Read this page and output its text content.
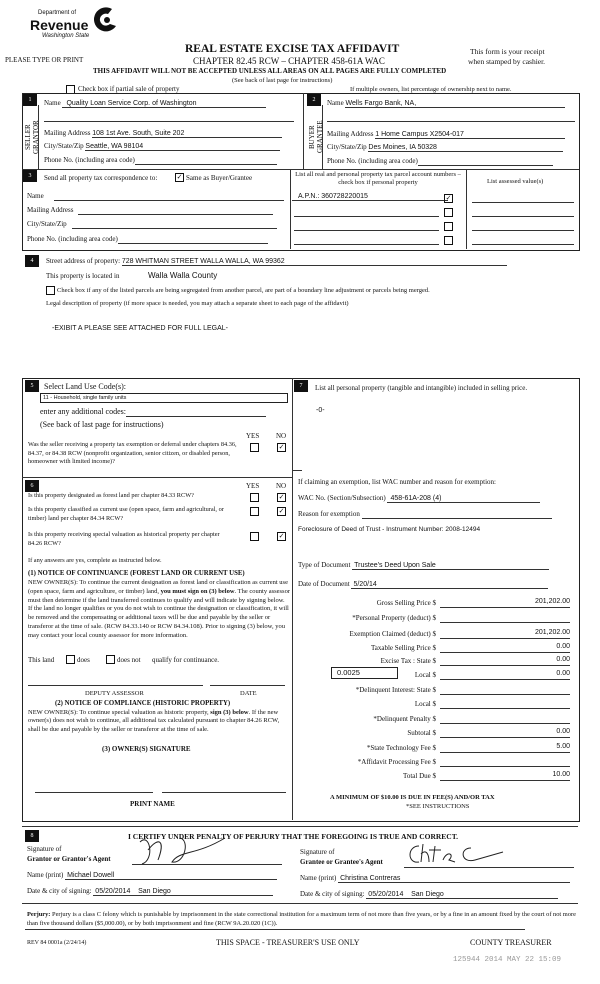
Department of
Revenue
Washington State
PLEASE TYPE OR PRINT
REAL ESTATE EXCISE TAX AFFIDAVIT
CHAPTER 82.45 RCW – CHAPTER 458-61A WAC
THIS AFFIDAVIT WILL NOT BE ACCEPTED UNLESS ALL AREAS ON ALL PAGES ARE FULLY COMPLETED
(See back of last page for instructions)
This form is your receipt
when stamped by cashier.
Check box if partial sale of property	If multiple owners, list percentage of ownership next to name.
1
SELLER GRANTOR
Name Quality Loan Service Corp. of Washington
Mailing Address 108 1st Ave. South, Suite 202
City/State/Zip Seattle, WA 98104
Phone No. (including area code)
2
BUYER GRANTEE
Name Wells Fargo Bank, NA,
Mailing Address 1 Home Campus X2504-017
City/State/Zip Des Moines, IA 50328
Phone No. (including area code)
3	Send all property tax correspondence to:	✓ Same as Buyer/Grantee
Name
Mailing Address
City/State/Zip
Phone No. (including area code)
List all real and personal property tax parcel account numbers – check box if personal property	List assessed value(s)
A.P.N.: 360728220015	✓
4	Street address of property: 728 WHITMAN STREET WALLA WALLA, WA 99362
This property is located in	Walla Walla County
Check box if any of the listed parcels are being segregated from another parcel, are part of a boundary line adjustment or parcels being merged.
Legal description of property (if more space is needed, you may attach a separate sheet to each page of the affidavit)
-EXIBIT A PLEASE SEE ATTACHED FOR FULL LEGAL-
5	Select Land Use Code(s):
11 - Household, single family units
enter any additional codes:
(See back of last page for instructions)
YES NO
Was the seller receiving a property tax exemption or deferral under chapters 84.36, 84.37, or 84.38 RCW (nonprofit organization, senior citizen, or disabled person, homeowner with limited income)?
✓
6	YES NO
Is this property designated as forest land per chapter 84.33 RCW?	✓
Is this property classified as current use (open space, farm and agricultural, or timber) land per chapter 84.34 RCW?
✓
Is this property receiving special valuation as historical property per chapter 84.26 RCW?
✓
If any answers are yes, complete as instructed below.
(1) NOTICE OF CONTINUANCE (FOREST LAND OR CURRENT USE)
NEW OWNER(S): To continue the current designation as forest land or classification as current use (open space, farm and agriculture, or timber) land, you must sign on (3) below. The county assessor must then determine if the land transferred continues to qualify and will indicate by signing below. If the land no longer qualifies or you do not wish to continue the designation or classification, it will be removed and the compensating or additional taxes will be due and payable by the seller or transferor at the time of sale. (RCW 84.33.140 or RCW 84.34.108). Prior to signing (3) below, you may contact your local county assessor for more information.
This land	does	does not qualify for continuance.
DEPUTY ASSESSOR	DATE
(2) NOTICE OF COMPLIANCE (HISTORIC PROPERTY)
NEW OWNER(S): To continue special valuation as historic property, sign (3) below. If the new owner(s) does not wish to continue, all additional tax calculated pursuant to chapter 84.26 RCW, shall be due and payable by the seller or transferor at the time of sale.
(3) OWNER(S) SIGNATURE
PRINT NAME
7	List all personal property (tangible and intangible) included in selling price.
-0-
If claiming an exemption, list WAC number and reason for exemption:
WAC No. (Section/Subsection) 458-61A-208 (4)
Reason for exemption
Foreclosure of Deed of Trust - Instrument Number: 2008-12494
Type of Document Trustee's Deed Upon Sale
Date of Document 5/20/14
Gross Selling Price $	201,202.00
*Personal Property (deduct) $
Exemption Claimed (deduct) $	201,202.00
Taxable Selling Price $	0.00
Excise Tax : State $	0.00
Local $	0.00
*Delinquent Interest: State $
Local $
*Delinquent Penalty $
Subtotal $	0.00
*State Technology Fee $	5.00
*Affidavit Processing Fee $
Total Due $	10.00
0.0025
A MINIMUM OF $10.00 IS DUE IN FEE(S) AND/OR TAX
*SEE INSTRUCTIONS
8	I CERTIFY UNDER PENALTY OF PERJURY THAT THE FOREGOING IS TRUE AND CORRECT.
Signature of
Grantor or Grantor's Agent
Name (print) Michael Dowell
Date & city of signing: 05/20/2014 San Diego
Signature of
Grantee or Grantee's Agent
Name (print) Christina Contreras
Date & city of signing: 05/20/2014 San Diego
Perjury: Perjury is a class C felony which is punishable by imprisonment in the state correctional institution for a maximum term of not more than five years, or by a fine in an amount fixed by the court of not more than five thousand dollars ($5,000.00), or by both imprisonment and fine (RCW 9A.20.020 (1C)).
REV 84 0001a (2/24/14)	THIS SPACE - TREASURER'S USE ONLY	COUNTY TREASURER
125944 2014 MAY 22 15:09
